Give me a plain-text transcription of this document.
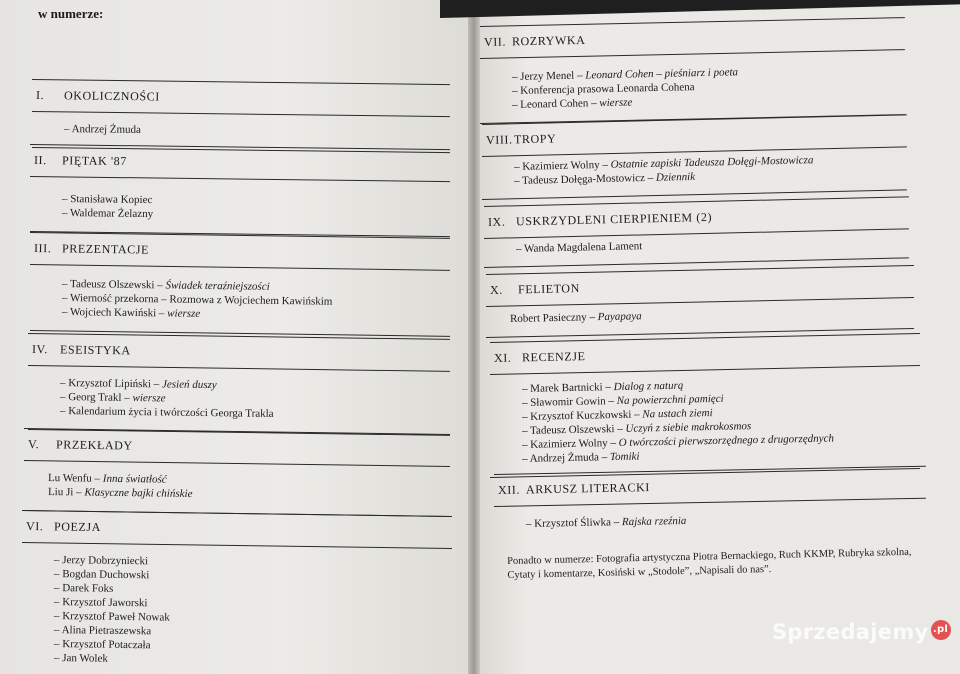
w numerze:
I. OKOLICZNOŚCI
– Andrzej Żmuda
II. PIĘTAK '87
– Stanisława Kopiec
– Waldemar Żelazny
III. PREZENTACJE
– Tadeusz Olszewski – Świadek teraźniejszości
– Wierność przekorna – Rozmowa z Wojciechem Kawińskim
– Wojciech Kawiński – wiersze
IV. ESEISTYKA
– Krzysztof Lipiński – Jesień duszy
– Georg Trakl – wiersze
– Kalendarium życia i twórczości Georga Trakla
V. PRZEKŁADY
Lu Wenfu – Inna światłość
Liu Ji – Klasyczne bajki chińskie
VI. POEZJA
– Jerzy Dobrzyniecki
– Bogdan Duchowski
– Darek Foks
– Krzysztof Jaworski
– Krzysztof Paweł Nowak
– Alina Pietraszewska
– Krzysztof Potaczała
– Jan Wolek
VII. ROZRYWKA
– Jerzy Menel – Leonard Cohen – pieśniarz i poeta
– Konferencja prasowa Leonarda Cohena
– Leonard Cohen – wiersze
VIII.TROPY
– Kazimierz Wolny – Ostatnie zapiski Tadeusza Dołęgi-Mostowicza
– Tadeusz Dołęga-Mostowicz – Dziennik
IX. USKRZYDLENI CIERPIENIEM (2)
– Wanda Magdalena Lament
X. FELIETON
Robert Pasieczny – Payapaya
XI. RECENZJE
– Marek Bartnicki – Dialog z naturą
– Sławomir Gowin – Na powierzchni pamięci
– Krzysztof Kuczkowski – Na ustach ziemi
– Tadeusz Olszewski – Uczyń z siebie makrokosmos
– Kazimierz Wolny – O twórczości pierwszorzędnego z drugorzędnych
– Andrzej Żmuda – Tomiki
XII. ARKUSZ LITERACKI
– Krzysztof Śliwka – Rajska rzeźnia
Ponadto w numerze: Fotografia artystyczna Piotra Bernackiego, Ruch KKMP, Rubryka szkolna, Cytaty i komentarze, Kosiński w „Stodole”, „Napisali do nas”.
Sprzedajemy .pl
